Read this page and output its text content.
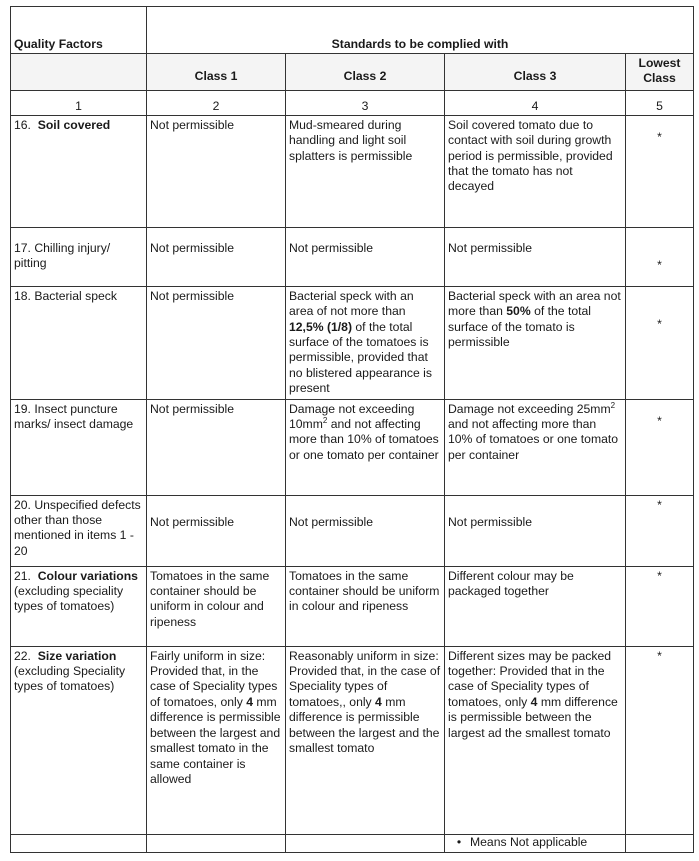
Quality Factors	Standards to be complied with			
	Class 1	Class 2	Class 3	Lowest Class
1	2	3	4	5
16. Soil covered	Not permissible	Mud-smeared during handling and light soil splatters is permissible	Soil covered tomato due to contact with soil during growth period is permissible, provided that the tomato has not decayed	*
17. Chilling injury/ pitting	Not permissible	Not permissible	Not permissible	*
18. Bacterial speck	Not permissible	Bacterial speck with an area of not more than 12,5% (1/8) of the total surface of the tomatoes is permissible, provided that no blistered appearance is present	Bacterial speck with an area not more than 50% of the total surface of the tomato is permissible	*
19. Insect puncture marks/ insect damage	Not permissible	Damage not exceeding $10mm^2$ and not affecting more than 10% of tomatoes or one tomato per container	Damage not exceeding $25mm^2$ and not affecting more than 10% of tomatoes or one tomato per container	*
20. Unspecified defects other than those mentioned in items 1 - 20	Not permissible	Not permissible	Not permissible	*
21. Colour variations (excluding speciality types of tomatoes)	Tomatoes in the same container should be uniform in colour and ripeness	Tomatoes in the same container should be uniform in colour and ripeness	Different colour may be packaged together	*
22. Size variation (excluding Speciality types of tomatoes)	Fairly uniform in size: Provided that, in the case of Speciality types of tomatoes, only 4 mm difference is permissible between the largest and smallest tomato in the same container is allowed	Reasonably uniform in size: Provided that, in the case of Speciality types of tomatoes,, only 4 mm difference is permissible between the largest and the smallest tomato	Different sizes may be packed together: Provided that in the case of Speciality types of tomatoes, only 4 mm difference is permissible between the largest ad the smallest tomato	*
			• Means Not applicable	
